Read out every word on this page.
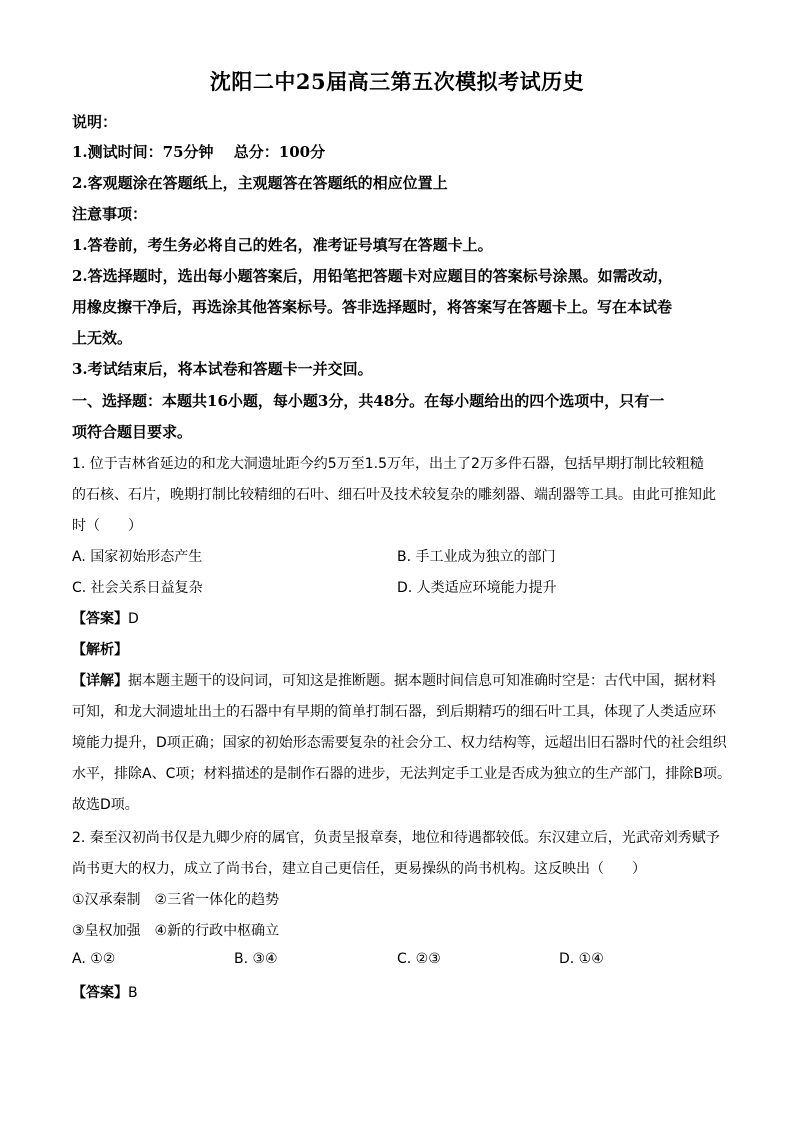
沈阳二中25届高三第五次模拟考试历史
说明：
1.测试时间：75分钟　 总分：100分
2.客观题涂在答题纸上，主观题答在答题纸的相应位置上
注意事项：
1.答卷前，考生务必将自己的姓名，准考证号填写在答题卡上。
2.答选择题时，选出每小题答案后，用铅笔把答题卡对应题目的答案标号涂黑。如需改动，
用橡皮擦干净后，再选涂其他答案标号。答非选择题时，将答案写在答题卡上。写在本试卷
上无效。
3.考试结束后，将本试卷和答题卡一并交回。
一、选择题：本题共16小题，每小题3分，共48分。在每小题给出的四个选项中，只有一
项符合题目要求。
1. 位于吉林省延边的和龙大洞遗址距今约5万至1.5万年，出土了2万多件石器，包括早期打制比较粗糙
的石核、石片，晚期打制比较精细的石叶、细石叶及技术较复杂的雕刻器、端刮器等工具。由此可推知此
时（　　）
A. 国家初始形态产生	B. 手工业成为独立的部门
C. 社会关系日益复杂	D. 人类适应环境能力提升
【答案】D
【解析】
【详解】据本题主题干的设问词，可知这是推断题。据本题时间信息可知准确时空是：古代中国，据材料
可知，和龙大洞遗址出土的石器中有早期的简单打制石器，到后期精巧的细石叶工具，体现了人类适应环
境能力提升，D项正确；国家的初始形态需要复杂的社会分工、权力结构等，远超出旧石器时代的社会组织
水平，排除A、C项；材料描述的是制作石器的进步，无法判定手工业是否成为独立的生产部门，排除B项。
故选D项。
2. 秦至汉初尚书仅是九卿少府的属官，负责呈报章奏，地位和待遇都较低。东汉建立后，光武帝刘秀赋予
尚书更大的权力，成立了尚书台，建立自己更信任，更易操纵的尚书机构。这反映出（　　）
①汉承秦制　②三省一体化的趋势
③皇权加强　④新的行政中枢确立
A. ①②	B. ③④	C. ②③	D. ①④
【答案】B
